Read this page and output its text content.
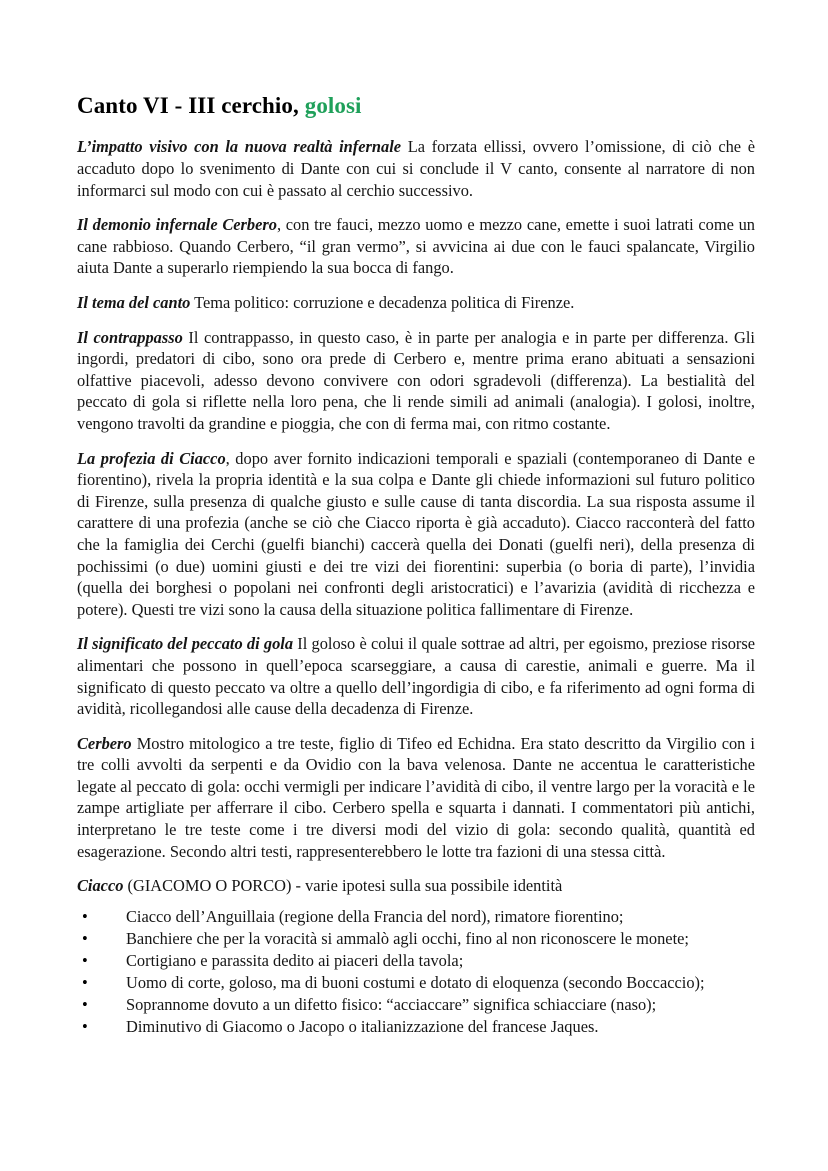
Canto VI - III cerchio, golosi

L’impatto visivo con la nuova realtà infernale La forzata ellissi, ovvero l’omissione, di ciò che è accaduto dopo lo svenimento di Dante con cui si conclude il V canto, consente al narratore di non informarci sul modo con cui è passato al cerchio successivo.

Il demonio infernale Cerbero, con tre fauci, mezzo uomo e mezzo cane, emette i suoi latrati come un cane rabbioso. Quando Cerbero, “il gran vermo”, si avvicina ai due con le fauci spalancate, Virgilio aiuta Dante a superarlo riempiendo la sua bocca di fango.

Il tema del canto Tema politico: corruzione e decadenza politica di Firenze.

Il contrappasso Il contrappasso, in questo caso, è in parte per analogia e in parte per differenza. Gli ingordi, predatori di cibo, sono ora prede di Cerbero e, mentre prima erano abituati a sensazioni olfattive piacevoli, adesso devono convivere con odori sgradevoli (differenza). La bestialità del peccato di gola si riflette nella loro pena, che li rende simili ad animali (analogia). I golosi, inoltre, vengono travolti da grandine e pioggia, che con di ferma mai, con ritmo costante.

La profezia di Ciacco, dopo aver fornito indicazioni temporali e spaziali (contemporaneo di Dante e fiorentino), rivela la propria identità e la sua colpa e Dante gli chiede informazioni sul futuro politico di Firenze, sulla presenza di qualche giusto e sulle cause di tanta discordia. La sua risposta assume il carattere di una profezia (anche se ciò che Ciacco riporta è già accaduto). Ciacco racconterà del fatto che la famiglia dei Cerchi (guelfi bianchi) caccerà quella dei Donati (guelfi neri), della presenza di pochissimi (o due) uomini giusti e dei tre vizi dei fiorentini: superbia (o boria di parte), l’invidia (quella dei borghesi o popolani nei confronti degli aristocratici) e l’avarizia (avidità di ricchezza e potere). Questi tre vizi sono la causa della situazione politica fallimentare di Firenze.

Il significato del peccato di gola Il goloso è colui il quale sottrae ad altri, per egoismo, preziose risorse alimentari che possono in quell’epoca scarseggiare, a causa di carestie, animali e guerre. Ma il significato di questo peccato va oltre a quello dell’ingordigia di cibo, e fa riferimento ad ogni forma di avidità, ricollegandosi alle cause della decadenza di Firenze.

Cerbero Mostro mitologico a tre teste, figlio di Tifeo ed Echidna. Era stato descritto da Virgilio con i tre colli avvolti da serpenti e da Ovidio con la bava velenosa. Dante ne accentua le caratteristiche legate al peccato di gola: occhi vermigli per indicare l’avidità di cibo, il ventre largo per la voracità e le zampe artigliate per afferrare il cibo. Cerbero spella e squarta i dannati. I commentatori più antichi, interpretano le tre teste come i tre diversi modi del vizio di gola: secondo qualità, quantità ed esagerazione. Secondo altri testi, rappresenterebbero le lotte tra fazioni di una stessa città.

Ciacco (GIACOMO O PORCO) - varie ipotesi sulla sua possibile identità

• Ciacco dell’Anguillaia (regione della Francia del nord), rimatore fiorentino;
• Banchiere che per la voracità si ammalò agli occhi, fino al non riconoscere le monete;
• Cortigiano e parassita dedito ai piaceri della tavola;
• Uomo di corte, goloso, ma di buoni costumi e dotato di eloquenza (secondo Boccaccio);
• Soprannome dovuto a un difetto fisico: “acciaccare” significa schiacciare (naso);
• Diminutivo di Giacomo o Jacopo o italianizzazione del francese Jaques.
